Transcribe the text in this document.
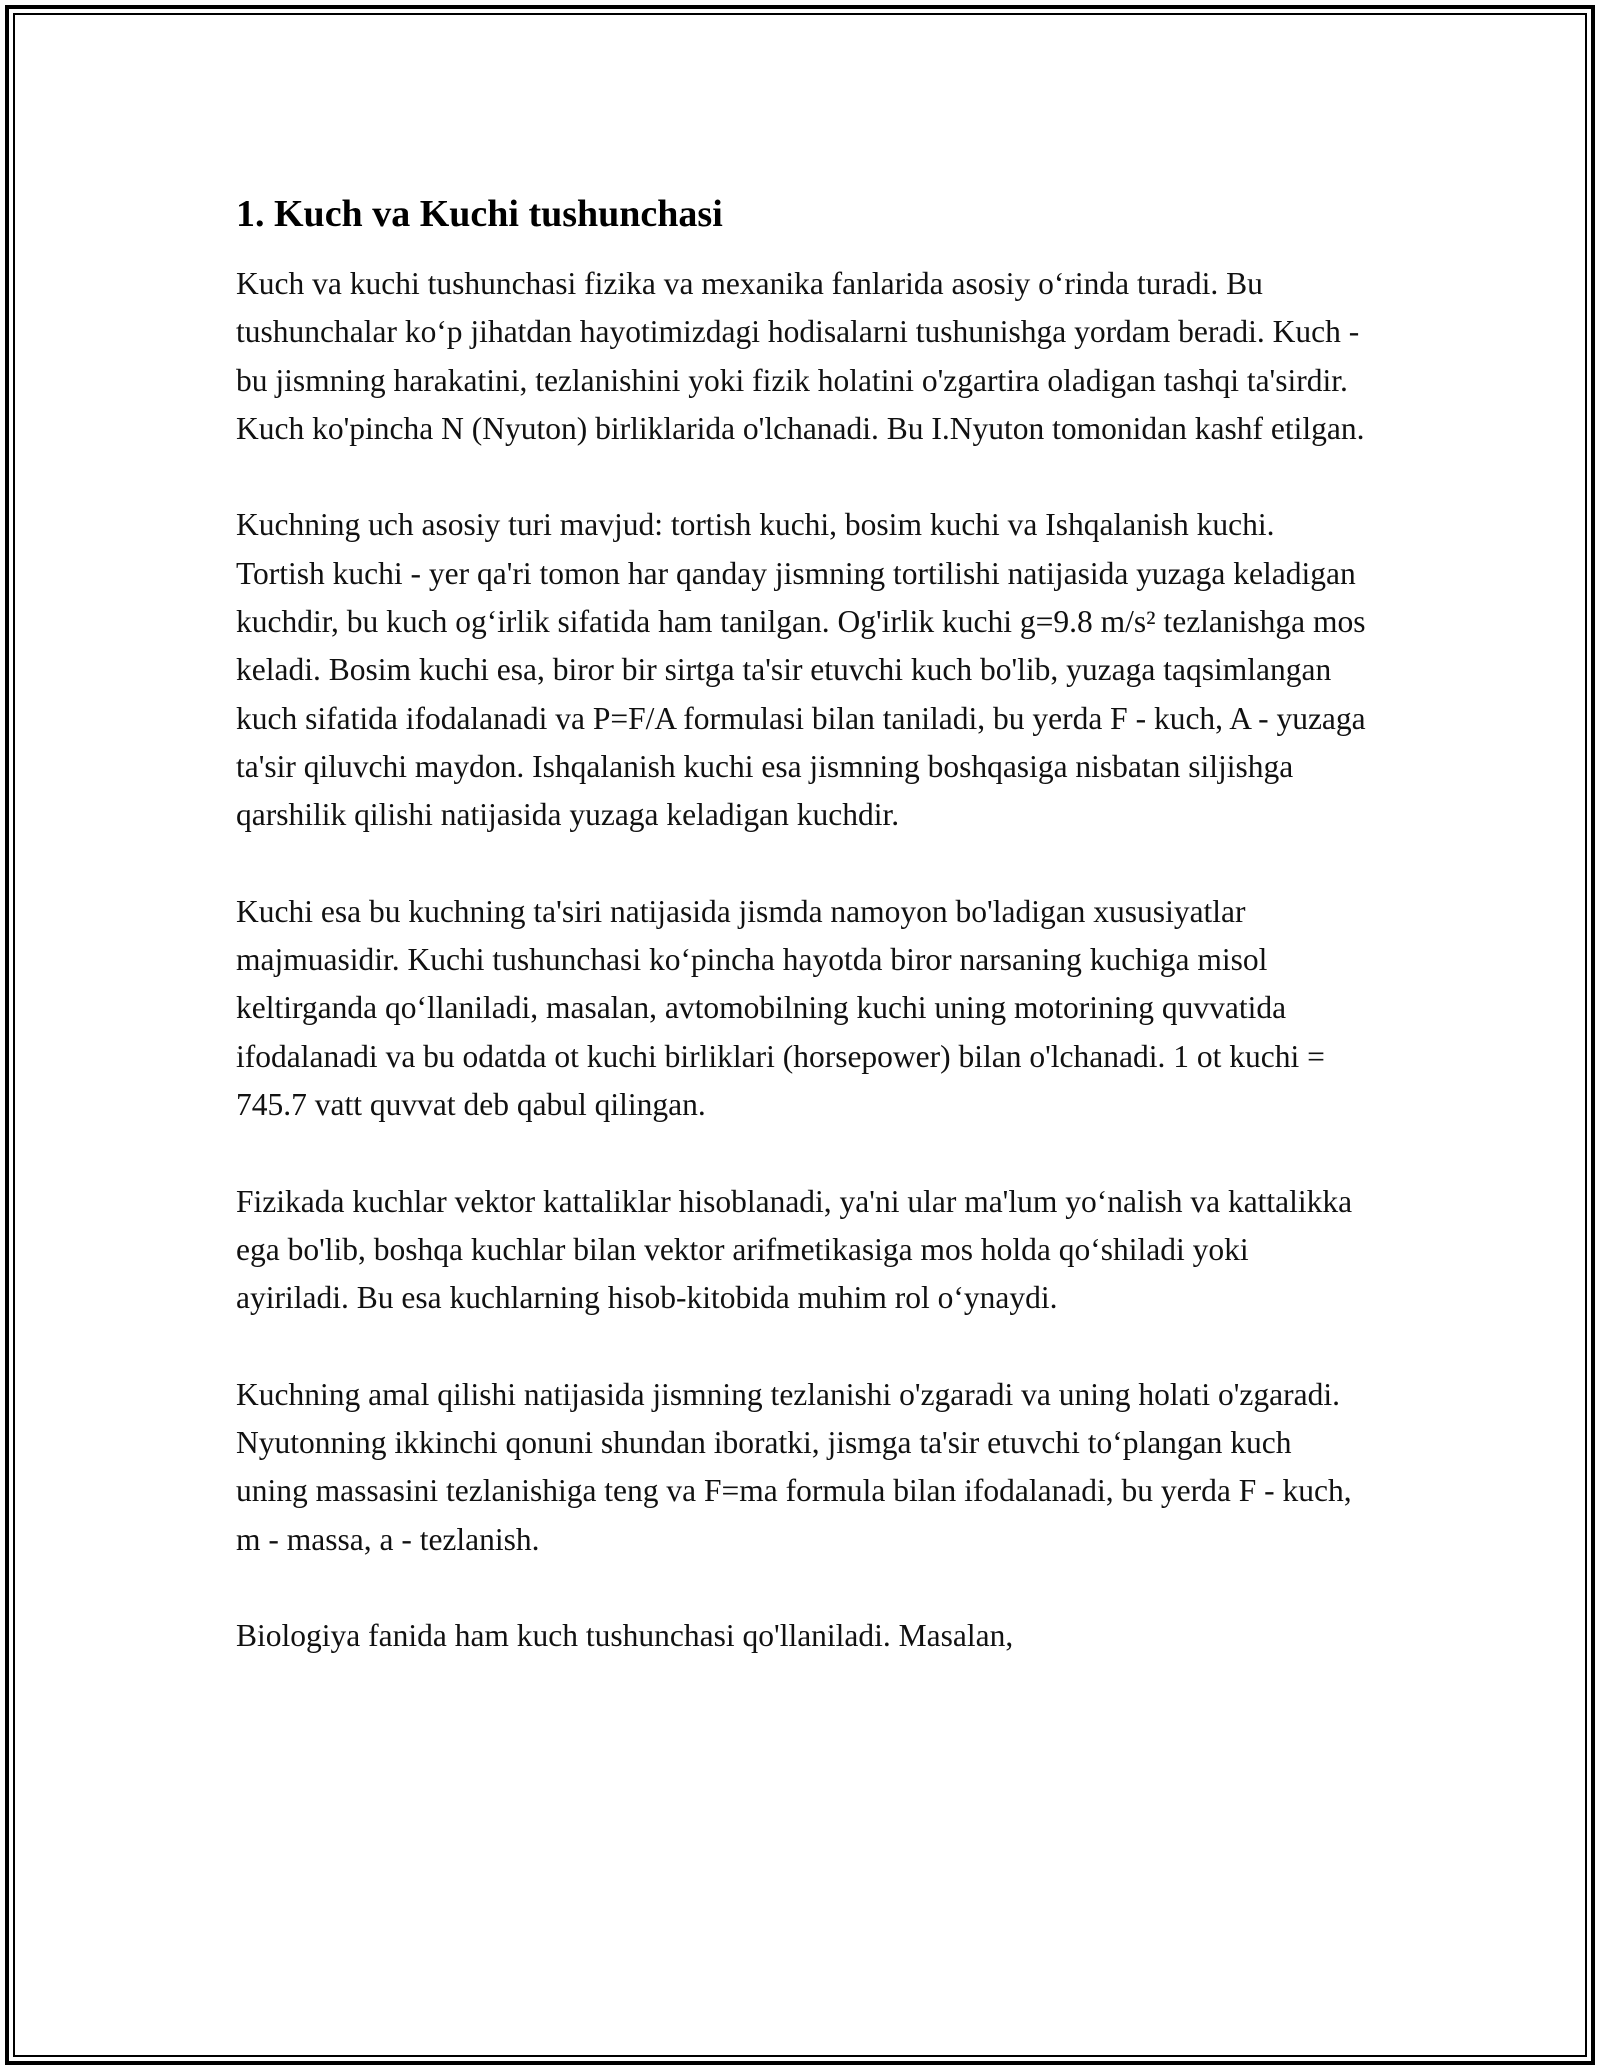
1. Kuch va Kuchi tushunchasi

Kuch va kuchi tushunchasi fizika va mexanika fanlarida asosiy o‘rinda turadi. Bu tushunchalar ko‘p jihatdan hayotimizdagi hodisalarni tushunishga yordam beradi. Kuch - bu jismning harakatini, tezlanishini yoki fizik holatini o'zgartira oladigan tashqi ta'sirdir. Kuch ko'pincha N (Nyuton) birliklarida o'lchanadi. Bu I.Nyuton tomonidan kashf etilgan.

Kuchning uch asosiy turi mavjud: tortish kuchi, bosim kuchi va Ishqalanish kuchi. Tortish kuchi - yer qa'ri tomon har qanday jismning tortilishi natijasida yuzaga keladigan kuchdir, bu kuch og‘irlik sifatida ham tanilgan. Og'irlik kuchi g=9.8 m/s² tezlanishga mos keladi. Bosim kuchi esa, biror bir sirtga ta'sir etuvchi kuch bo'lib, yuzaga taqsimlangan kuch sifatida ifodalanadi va P=F/A formulasi bilan taniladi, bu yerda F - kuch, A - yuzaga ta'sir qiluvchi maydon. Ishqalanish kuchi esa jismning boshqasiga nisbatan siljishga qarshilik qilishi natijasida yuzaga keladigan kuchdir.

Kuchi esa bu kuchning ta'siri natijasida jismda namoyon bo'ladigan xususiyatlar majmuasidir. Kuchi tushunchasi ko‘pincha hayotda biror narsaning kuchiga misol keltirganda qo‘llaniladi, masalan, avtomobilning kuchi uning motorining quvvatida ifodalanadi va bu odatda ot kuchi birliklari (horsepower) bilan o'lchanadi. 1 ot kuchi = 745.7 vatt quvvat deb qabul qilingan.

Fizikada kuchlar vektor kattaliklar hisoblanadi, ya'ni ular ma'lum yo‘nalish va kattalikka ega bo'lib, boshqa kuchlar bilan vektor arifmetikasiga mos holda qo‘shiladi yoki ayiriladi. Bu esa kuchlarning hisob-kitobida muhim rol o‘ynaydi.

Kuchning amal qilishi natijasida jismning tezlanishi o'zgaradi va uning holati o'zgaradi. Nyutonning ikkinchi qonuni shundan iboratki, jismga ta'sir etuvchi to‘plangan kuch uning massasini tezlanishiga teng va F=ma formula bilan ifodalanadi, bu yerda F - kuch, m - massa, a - tezlanish.

Biologiya fanida ham kuch tushunchasi qo'llaniladi. Masalan,
